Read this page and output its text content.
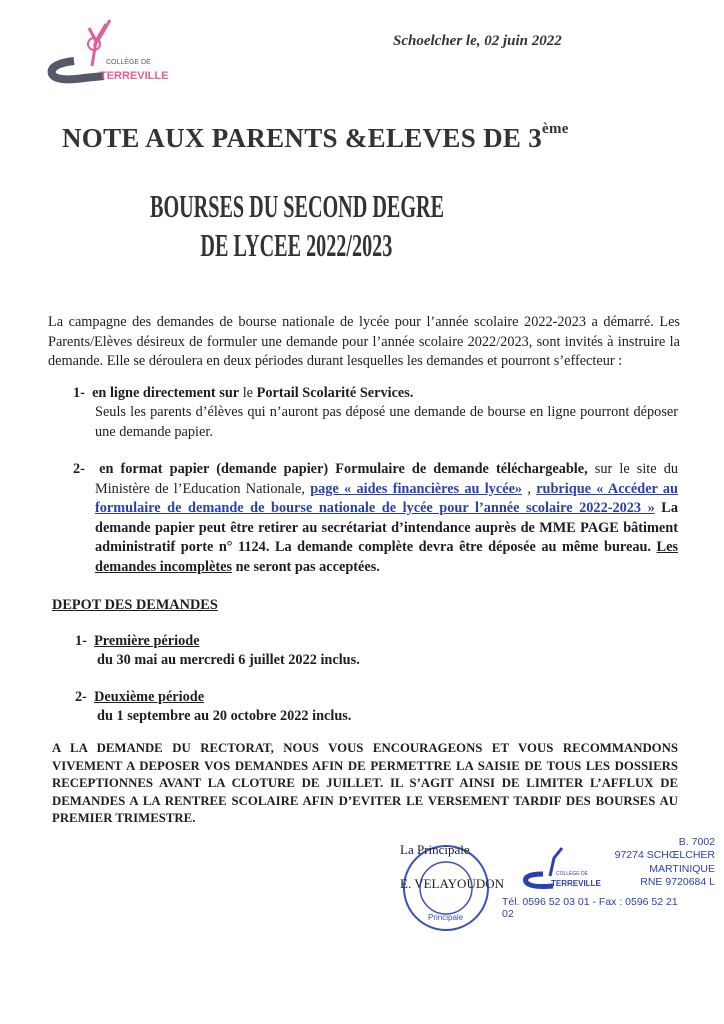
COLLÈGE DE
TERREVILLE
Schoelcher le, 02 juin 2022
NOTE AUX PARENTS &ELEVES DE 3ème
BOURSES DU SECOND DEGRE
DE LYCEE 2022/2023
La campagne des demandes de bourse nationale de lycée pour l’année scolaire 2022-2023 a démarré. Les Parents/Elèves désireux de formuler une demande pour l’année scolaire 2022/2023, sont invités à instruire la demande. Elle se déroulera en deux périodes durant lesquelles les demandes et pourront s’effecteur :
1- en ligne directement sur le Portail Scolarité Services.
Seuls les parents d’élèves qui n’auront pas déposé une demande de bourse en ligne pourront déposer une demande papier.
2- en format papier (demande papier) Formulaire de demande téléchargeable, sur le site du Ministère de l’Education Nationale, page « aides financières au lycée» , rubrique « Accéder au formulaire de demande de bourse nationale de lycée pour l’année scolaire 2022-2023 » La demande papier peut être retirer au secrétariat d’intendance auprès de MME PAGE bâtiment administratif porte n° 1124. La demande complète devra être déposée au même bureau. Les demandes incomplètes ne seront pas acceptées.
DEPOT DES DEMANDES
1- Première période
du 30 mai au mercredi 6 juillet 2022 inclus.
2- Deuxième période
du 1 septembre au 20 octobre 2022 inclus.
A LA DEMANDE DU RECTORAT, NOUS VOUS ENCOURAGEONS ET VOUS RECOMMANDONS VIVEMENT A DEPOSER VOS DEMANDES AFIN DE PERMETTRE LA SAISIE DE TOUS LES DOSSIERS RECEPTIONNES AVANT LA CLOTURE DE JUILLET. IL S’AGIT AINSI DE LIMITER L’AFFLUX DE DEMANDES A LA RENTREE SCOLAIRE AFIN D’EVITER LE VERSEMENT TARDIF DES BOURSES AU PREMIER TRIMESTRE.
Principale
La Principale
E. VELAYOUDON
COLLÈGE DE
TERREVILLE
B. 7002
97274 SCHŒLCHER
MARTINIQUE
RNE 9720684 L
Tél. 0596 52 03 01 - Fax : 0596 52 21 02
